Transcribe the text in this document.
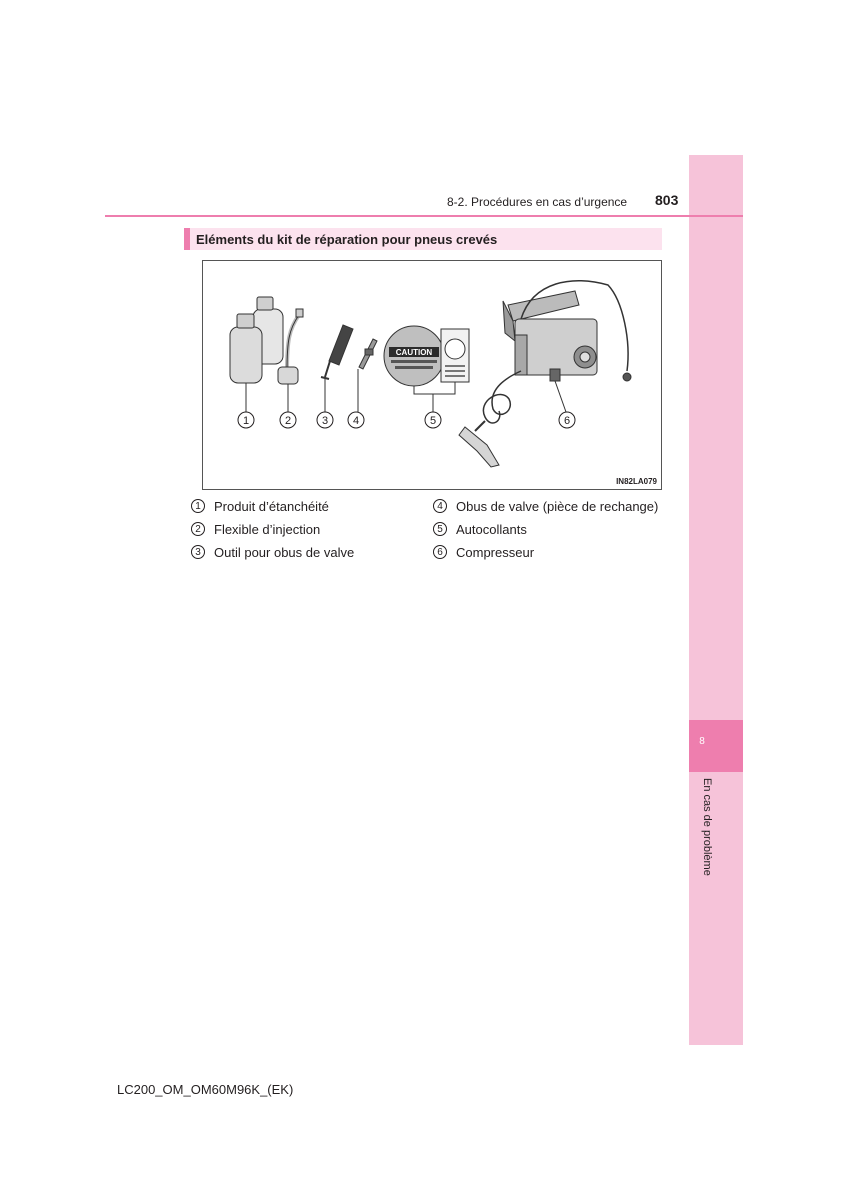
8
En cas de problème
8-2. Procédures en cas d’urgence 803
Eléments du kit de réparation pour pneus crevés
CAUTION
1	2	3 4	5	6
IN82LA079
1	Produit d’étanchéité
2	Flexible d’injection
3	Outil pour obus de valve
4	Obus de valve (pièce de rechange)
5	Autocollants
6	Compresseur
LC200_OM_OM60M96K_(EK)
